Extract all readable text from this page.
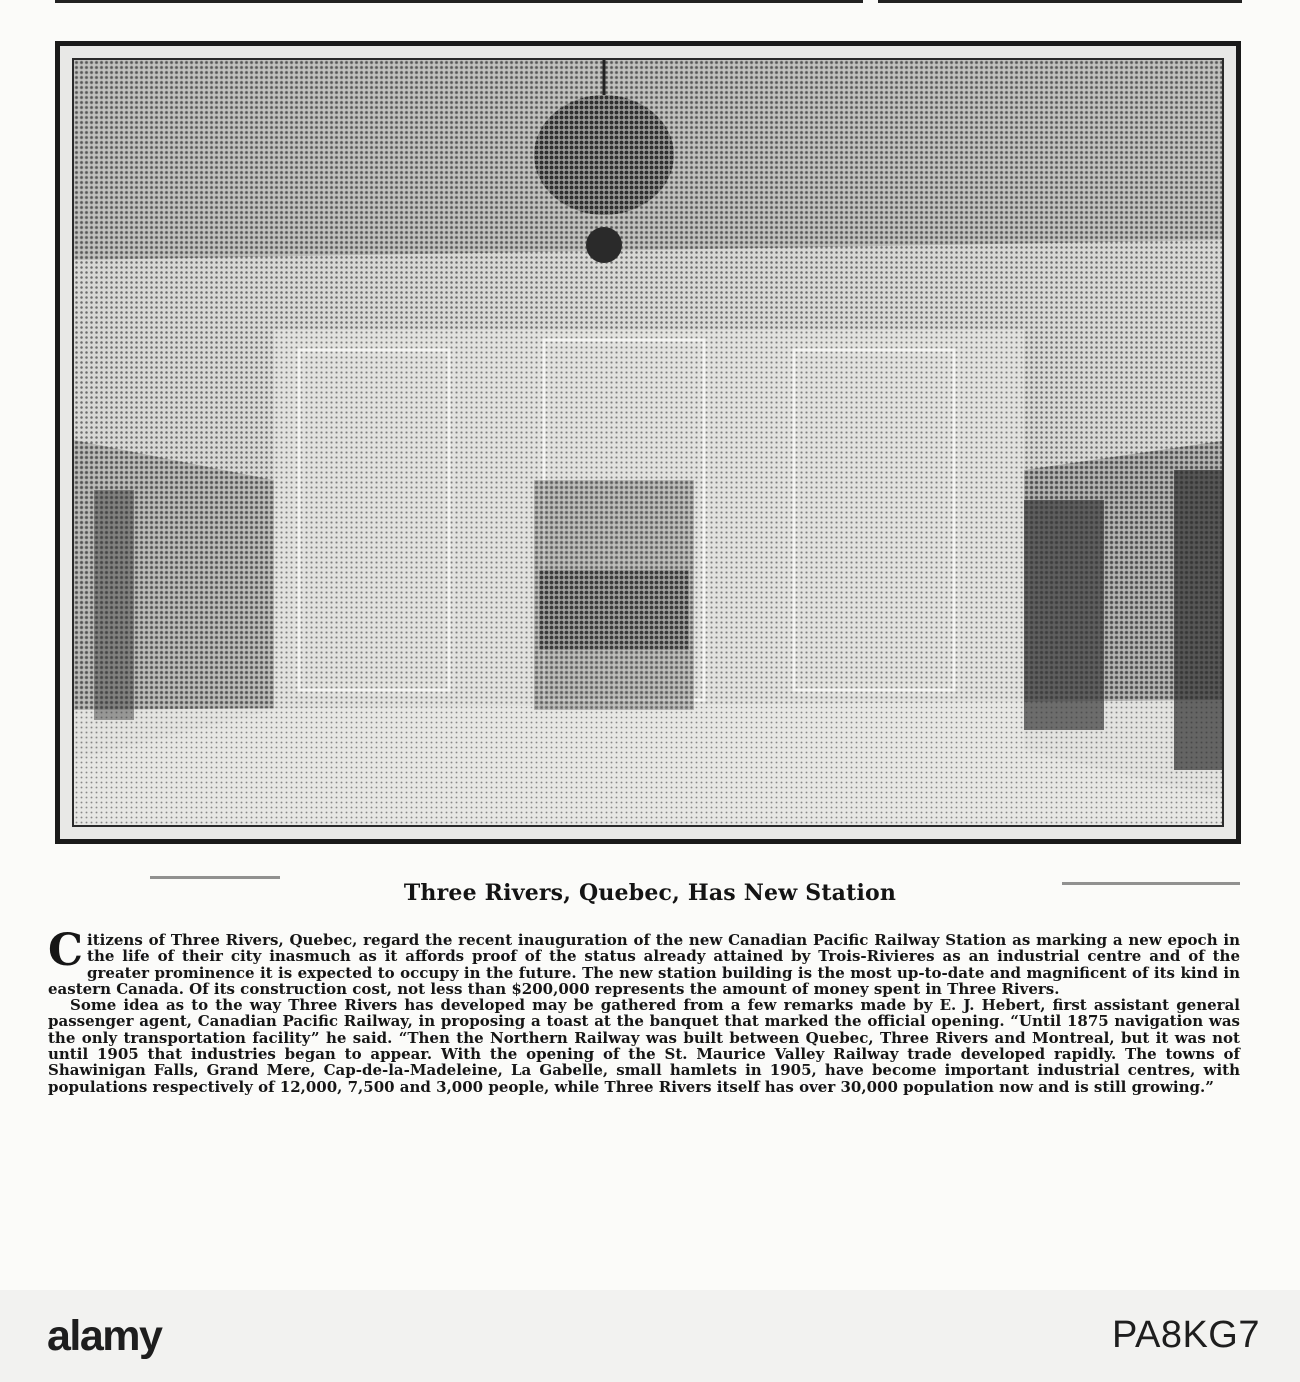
Three Rivers, Quebec, Has New Station

Citizens of Three Rivers, Quebec, regard the recent inauguration of the new Canadian Pacific Railway Station as marking a new epoch in the life of their city inasmuch as it affords proof of the status already attained by Trois-Rivieres as an industrial centre and of the greater prominence it is expected to occupy in the future. The new station building is the most up-to-date and magnificent of its kind in eastern Canada. Of its construction cost, not less than $200,000 represents the amount of money spent in Three Rivers.

Some idea as to the way Three Rivers has developed may be gathered from a few remarks made by E. J. Hebert, first assistant general passenger agent, Canadian Pacific Railway, in proposing a toast at the banquet that marked the official opening. “Until 1875 navigation was the only transportation facility” he said. “Then the Northern Railway was built between Quebec, Three Rivers and Montreal, but it was not until 1905 that industries began to appear. With the opening of the St. Maurice Valley Railway trade developed rapidly. The towns of Shawinigan Falls, Grand Mere, Cap-de-la-Madeleine, La Gabelle, small hamlets in 1905, have become important industrial centres, with populations respectively of 12,000, 7,500 and 3,000 people, while Three Rivers itself has over 30,000 population now and is still growing.”

alamy	PA8KG7
